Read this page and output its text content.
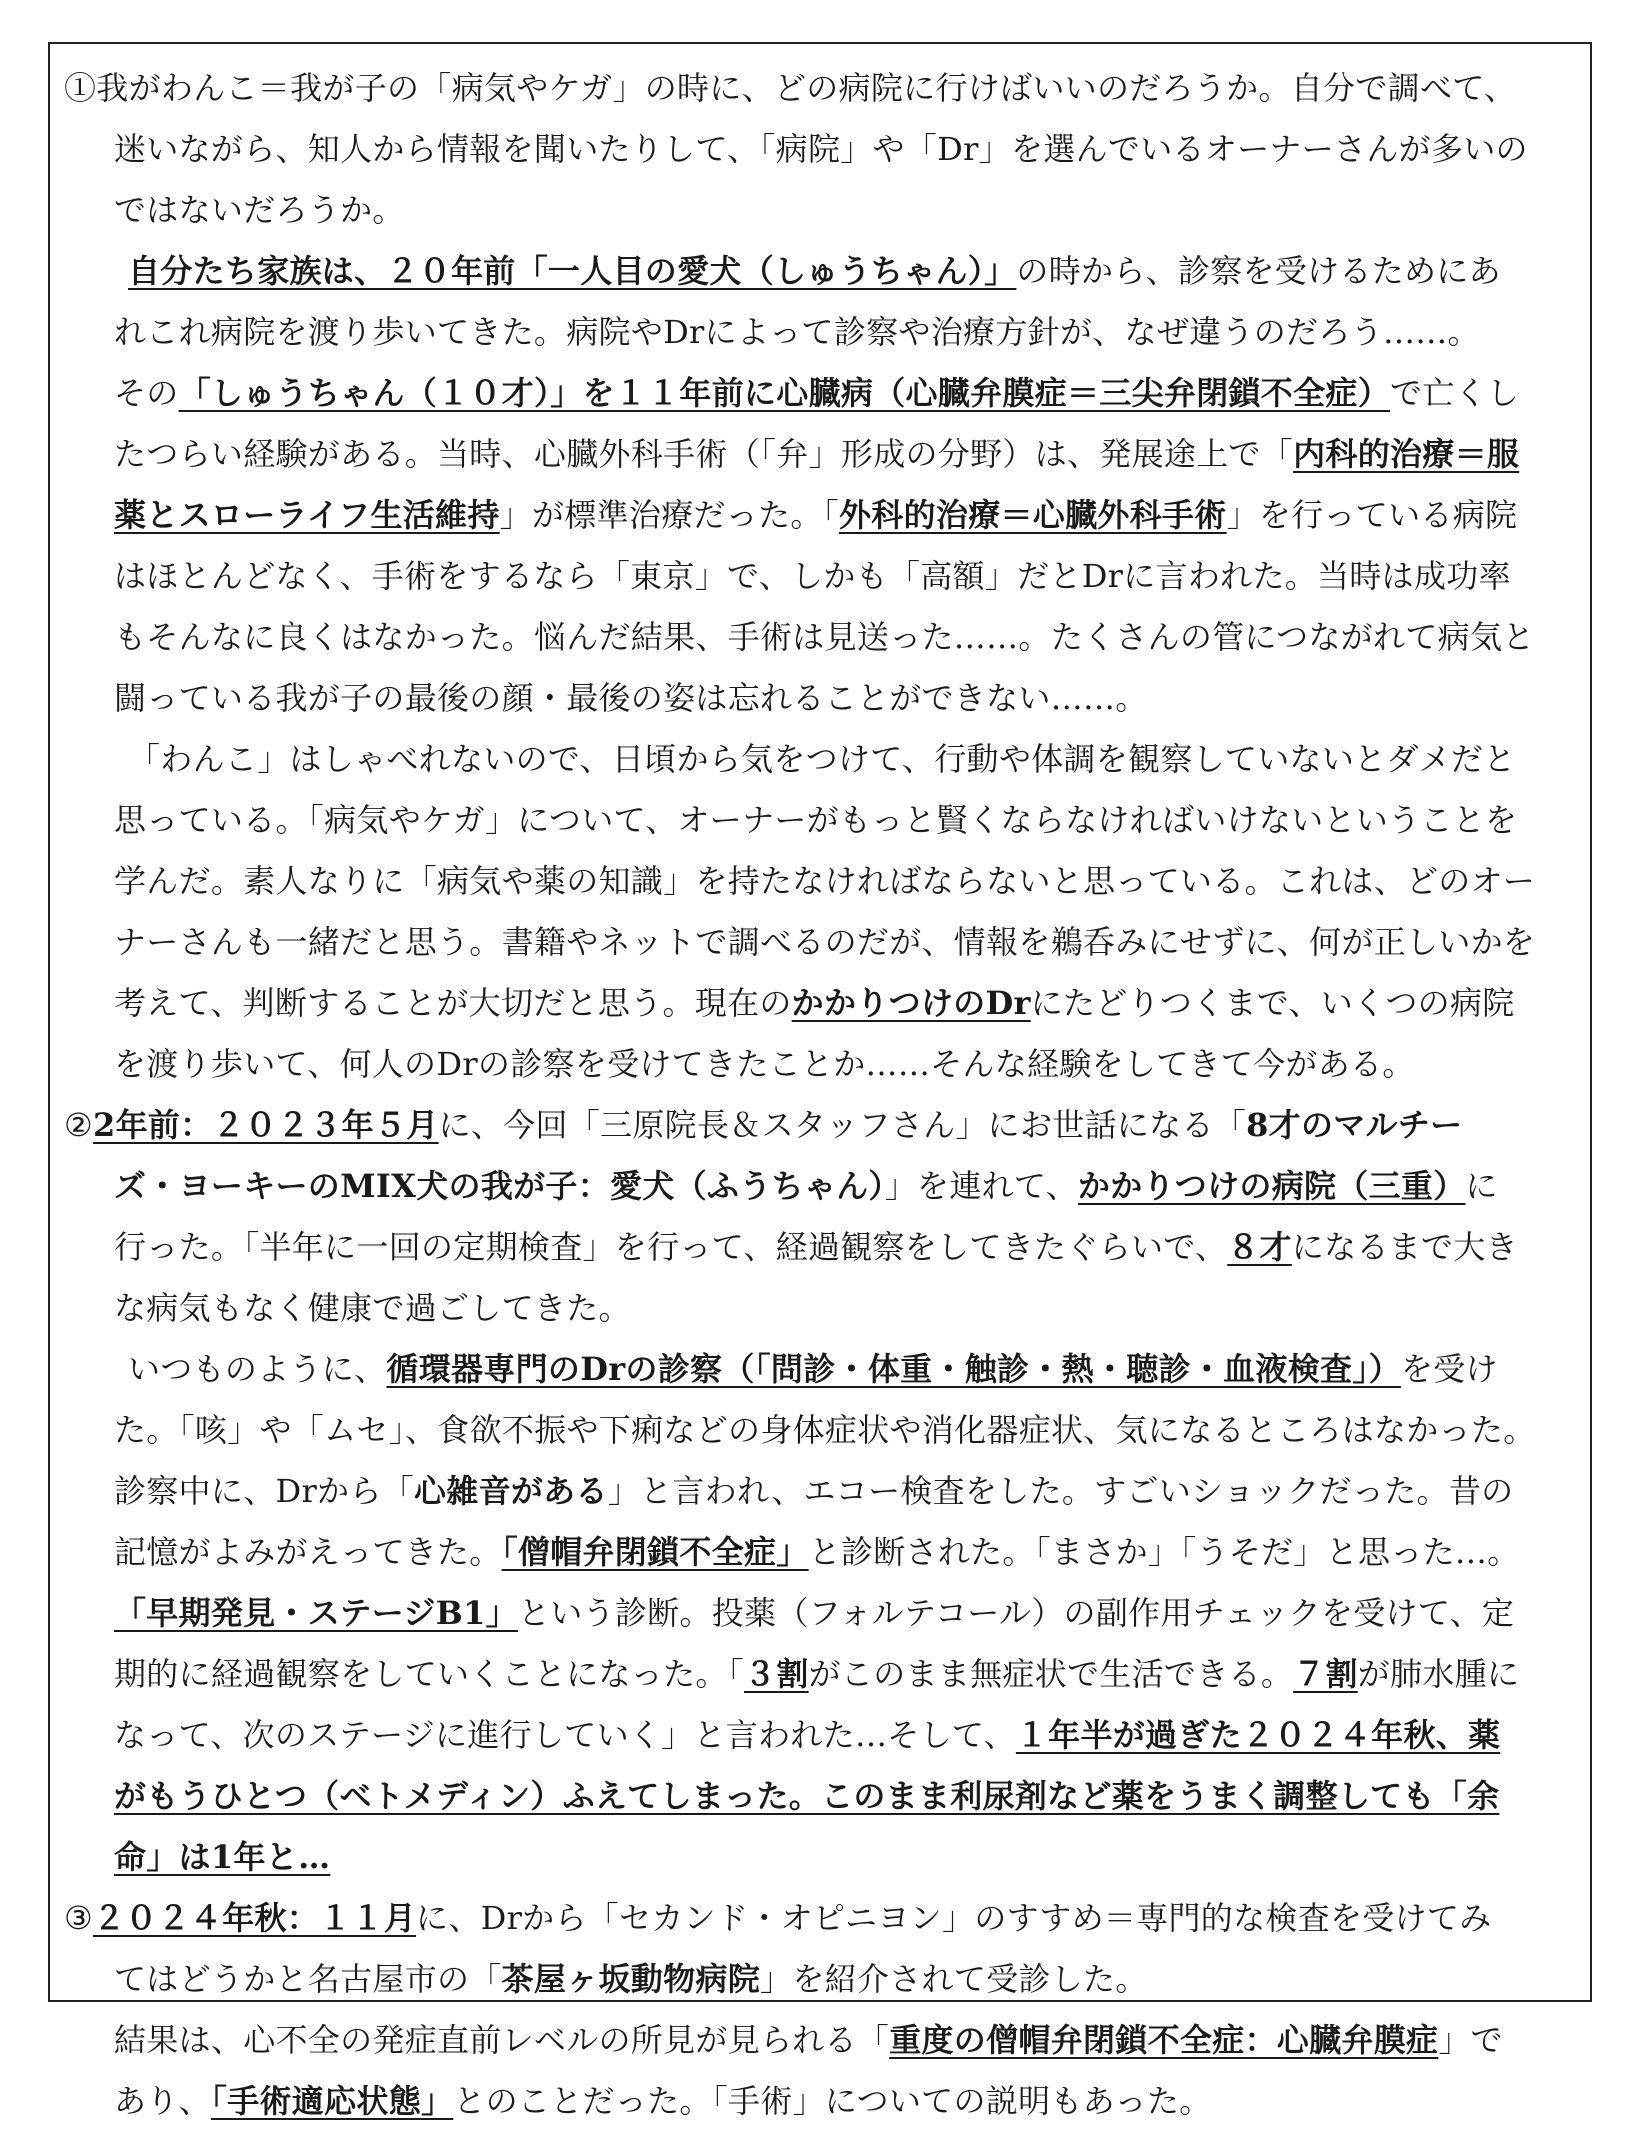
①我がわんこ＝我が子の「病気やケガ」の時に、どの病院に行けばいいのだろうか。自分で調べて、
迷いながら、知人から情報を聞いたりして、「病院」や「Dr」を選んでいるオーナーさんが多いの
ではないだろうか。
自分たち家族は、２０年前「一人目の愛犬（しゅうちゃん）」の時から、診察を受けるためにあ
れこれ病院を渡り歩いてきた。病院やDrによって診察や治療方針が、なぜ違うのだろう……。
その「しゅうちゃん（１０才）」を１１年前に心臓病（心臓弁膜症＝三尖弁閉鎖不全症）で亡くし
たつらい経験がある。当時、心臓外科手術（「弁」形成の分野）は、発展途上で「内科的治療＝服
薬とスローライフ生活維持」が標準治療だった。「外科的治療＝心臓外科手術」を行っている病院
はほとんどなく、手術をするなら「東京」で、しかも「高額」だとDrに言われた。当時は成功率
もそんなに良くはなかった。悩んだ結果、手術は見送った……。たくさんの管につながれて病気と
闘っている我が子の最後の顔・最後の姿は忘れることができない……。
「わんこ」はしゃべれないので、日頃から気をつけて、行動や体調を観察していないとダメだと
思っている。「病気やケガ」について、オーナーがもっと賢くならなければいけないということを
学んだ。素人なりに「病気や薬の知識」を持たなければならないと思っている。これは、どのオー
ナーさんも一緒だと思う。書籍やネットで調べるのだが、情報を鵜呑みにせずに、何が正しいかを
考えて、判断することが大切だと思う。現在のかかりつけのDrにたどりつくまで、いくつの病院
を渡り歩いて、何人のDrの診察を受けてきたことか……そんな経験をしてきて今がある。
②2年前：２０２３年５月に、今回「三原院長＆スタッフさん」にお世話になる「8才のマルチー
ズ・ヨーキーのMIX犬の我が子：愛犬（ふうちゃん）」を連れて、かかりつけの病院（三重）に
行った。「半年に一回の定期検査」を行って、経過観察をしてきたぐらいで、８才になるまで大き
な病気もなく健康で過ごしてきた。
いつものように、循環器専門のDrの診察（「問診・体重・触診・熱・聴診・血液検査」）を受け
た。「咳」や「ムセ」、食欲不振や下痢などの身体症状や消化器症状、気になるところはなかった。
診察中に、Drから「心雑音がある」と言われ、エコー検査をした。すごいショックだった。昔の
記憶がよみがえってきた。「僧帽弁閉鎖不全症」と診断された。「まさか」「うそだ」と思った…。
「早期発見・ステージB1」という診断。投薬（フォルテコール）の副作用チェックを受けて、定
期的に経過観察をしていくことになった。「３割がこのまま無症状で生活できる。７割が肺水腫に
なって、次のステージに進行していく」と言われた…そして、１年半が過ぎた２０２４年秋、薬
がもうひとつ（ベトメディン）ふえてしまった。このまま利尿剤など薬をうまく調整しても「余
命」は1年と…
③２０２４年秋：１１月に、Drから「セカンド・オピニヨン」のすすめ＝専門的な検査を受けてみ
てはどうかと名古屋市の「茶屋ヶ坂動物病院」を紹介されて受診した。
結果は、心不全の発症直前レベルの所見が見られる「重度の僧帽弁閉鎖不全症：心臓弁膜症」で
あり、「手術適応状態」とのことだった。「手術」についての説明もあった。
